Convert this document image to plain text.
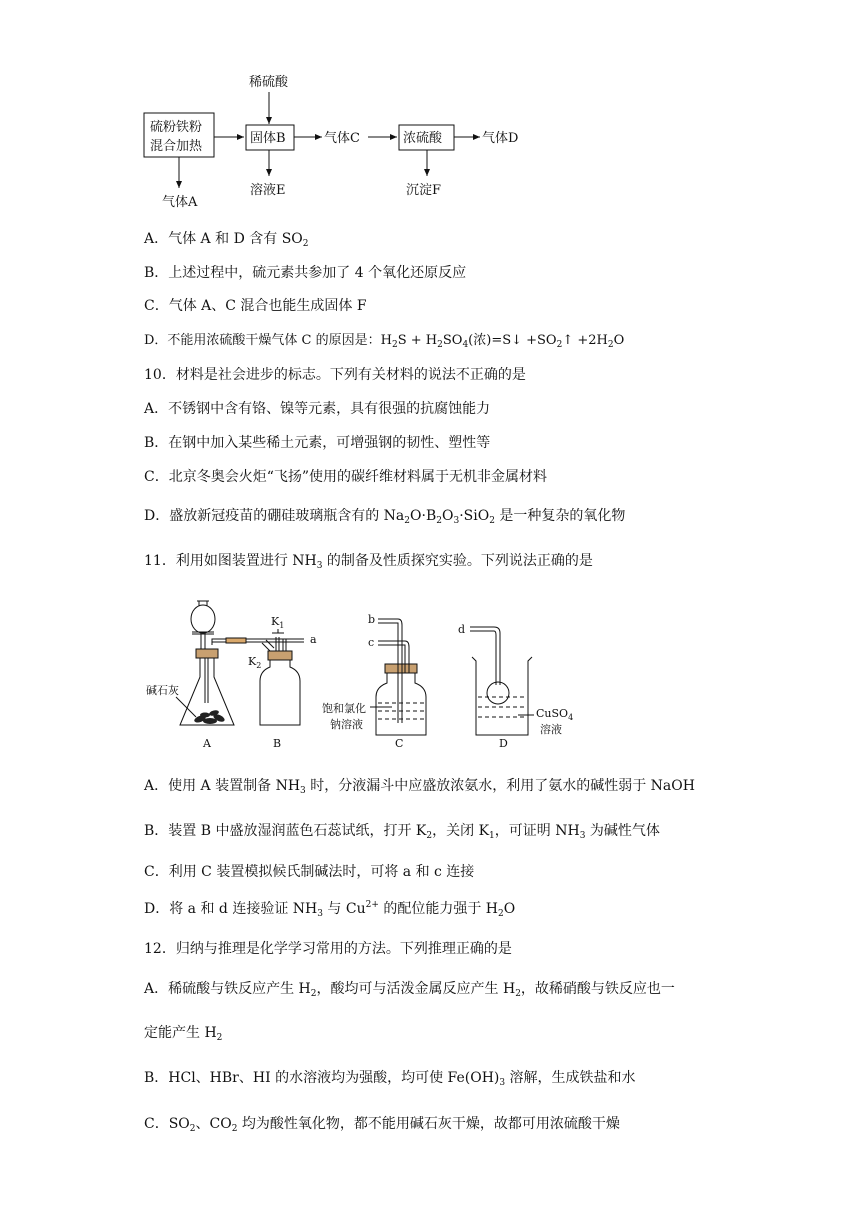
稀硫酸
硫粉铁粉
混合加热
固体B	气体C	浓硫酸	气体D
气体A
溶液E	沉淀F
A．气体 A 和 D 含有 $SO_2$
B．上述过程中，硫元素共参加了 4 个氧化还原反应
C．气体 A、C 混合也能生成固体 F
D．不能用浓硫酸干燥气体 C 的原因是：$H_2S + H_2SO_4$(浓)=S↓ $+SO_2↑ +2H_2O$
10．材料是社会进步的标志。下列有关材料的说法不正确的是
A．不锈钢中含有铬、镍等元素，具有很强的抗腐蚀能力
B．在钢中加入某些稀土元素，可增强钢的韧性、塑性等
C．北京冬奥会火炬“飞扬”使用的碳纤维材料属于无机非金属材料
D．盛放新冠疫苗的硼硅玻璃瓶含有的 $Na_2O\cdot B_2O_3\cdot SiO_2$ 是一种复杂的氧化物
11．利用如图装置进行 $NH_3$ 的制备及性质探究实验。下列说法正确的是
碱石灰
$K_1$
$K_2$
a
b
c
d
饱和氯化
钠溶液
CuSO$_4$
溶液
A	B	C	D
A．使用 A 装置制备 $NH_3$ 时，分液漏斗中应盛放浓氨水，利用了氨水的碱性弱于 NaOH
B．装置 B 中盛放湿润蓝色石蕊试纸，打开 $K_2$，关闭 $K_1$，可证明 $NH_3$ 为碱性气体
C．利用 C 装置模拟候氏制碱法时，可将 a 和 c 连接
D．将 a 和 d 连接验证 $NH_3$ 与 $Cu^{2+}$ 的配位能力强于 $H_2O$
12．归纳与推理是化学学习常用的方法。下列推理正确的是
A．稀硫酸与铁反应产生 $H_2$，酸均可与活泼金属反应产生 $H_2$，故稀硝酸与铁反应也一
定能产生 $H_2$
B．HCl、HBr、HI 的水溶液均为强酸，均可使 $Fe(OH)_3$ 溶解，生成铁盐和水
C．$SO_2$、$CO_2$ 均为酸性氧化物，都不能用碱石灰干燥，故都可用浓硫酸干燥
